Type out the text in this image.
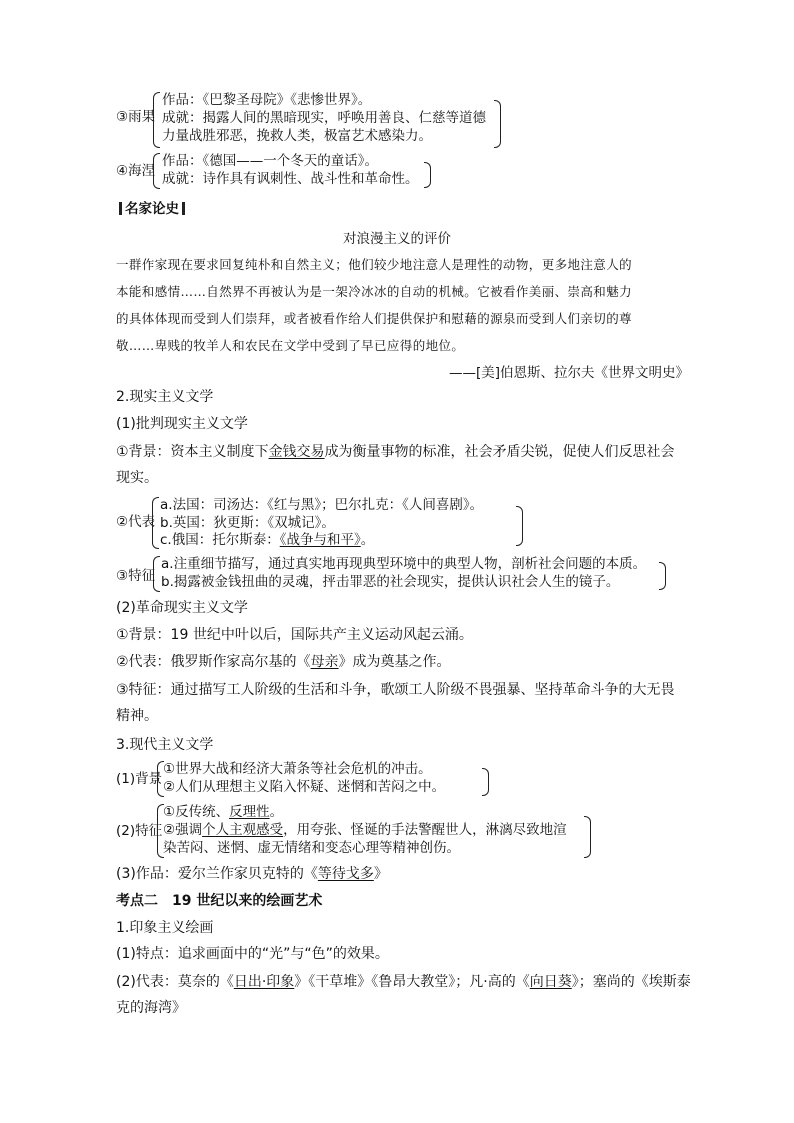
③雨果
作品：《巴黎圣母院》《悲惨世界》。
成就：揭露人间的黑暗现实，呼唤用善良、仁慈等道德
力量战胜邪恶，挽救人类，极富艺术感染力。
④海涅
作品：《德国——一个冬天的童话》。
成就：诗作具有讽刺性、战斗性和革命性。
名家论史
对浪漫主义的评价
一群作家现在要求回复纯朴和自然主义；他们较少地注意人是理性的动物，更多地注意人的
本能和感情……自然界不再被认为是一架冷冰冰的自动的机械。它被看作美丽、崇高和魅力
的具体体现而受到人们崇拜，或者被看作给人们提供保护和慰藉的源泉而受到人们亲切的尊
敬……卑贱的牧羊人和农民在文学中受到了早已应得的地位。
——[美]伯恩斯、拉尔夫《世界文明史》
2.现实主义文学
(1)批判现实主义文学
①背景：资本主义制度下金钱交易成为衡量事物的标准，社会矛盾尖锐，促使人们反思社会
现实。
②代表
a.法国：司汤达：《红与黑》；巴尔扎克：《人间喜剧》。
b.英国：狄更斯：《双城记》。
c.俄国：托尔斯泰：《战争与和平》。
③特征
a.注重细节描写，通过真实地再现典型环境中的典型人物，剖析社会问题的本质。
b.揭露被金钱扭曲的灵魂，抨击罪恶的社会现实，提供认识社会人生的镜子。
(2)革命现实主义文学
①背景：19 世纪中叶以后，国际共产主义运动风起云涌。
②代表：俄罗斯作家高尔基的《母亲》成为奠基之作。
③特征：通过描写工人阶级的生活和斗争，歌颂工人阶级不畏强暴、坚持革命斗争的大无畏
精神。
3.现代主义文学
(1)背景
①世界大战和经济大萧条等社会危机的冲击。
②人们从理想主义陷入怀疑、迷惘和苦闷之中。
(2)特征
①反传统、反理性。
②强调个人主观感受，用夸张、怪诞的手法警醒世人，淋漓尽致地渲
染苦闷、迷惘、虚无情绪和变态心理等精神创伤。
(3)作品：爱尔兰作家贝克特的《等待戈多》
考点二　19 世纪以来的绘画艺术
1.印象主义绘画
(1)特点：追求画面中的“光”与“色”的效果。
(2)代表：莫奈的《日出·印象》《干草堆》《鲁昂大教堂》；凡·高的《向日葵》；塞尚的《埃斯泰
克的海湾》
